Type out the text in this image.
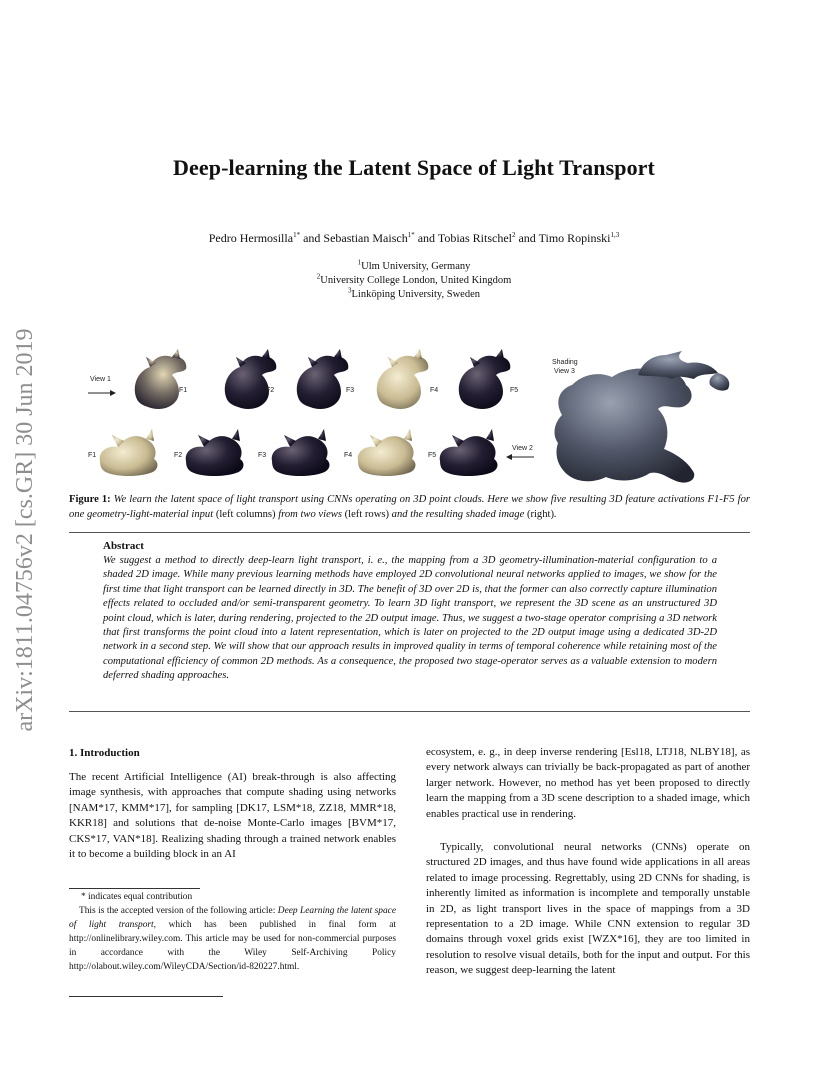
arXiv:1811.04756v2 [cs.GR] 30 Jun 2019
Deep-learning the Latent Space of Light Transport
Pedro Hermosilla$^{1*}$ and Sebastian Maisch$^{1*}$ and Tobias Ritschel$^2$ and Timo Ropinski$^{1,3}$
$^1$Ulm University, Germany
$^2$University College London, United Kingdom
$^3$Linköping University, Sweden
View 1
F1	F2	F3	F4	F5
F1	F2	F3	F4	F5
View 2
Shading
View 3
Figure 1: We learn the latent space of light transport using CNNs operating on 3D point clouds. Here we show five resulting 3D feature activations F1-F5 for one geometry-light-material input (left columns) from two views (left rows) and the resulting shaded image (right).
Abstract
We suggest a method to directly deep-learn light transport, i. e., the mapping from a 3D geometry-illumination-material configuration to a shaded 2D image. While many previous learning methods have employed 2D convolutional neural networks applied to images, we show for the first time that light transport can be learned directly in 3D. The benefit of 3D over 2D is, that the former can also correctly capture illumination effects related to occluded and/or semi-transparent geometry. To learn 3D light transport, we represent the 3D scene as an unstructured 3D point cloud, which is later, during rendering, projected to the 2D output image. Thus, we suggest a two-stage operator comprising a 3D network that first transforms the point cloud into a latent representation, which is later on projected to the 2D output image using a dedicated 3D-2D network in a second step. We will show that our approach results in improved quality in terms of temporal coherence while retaining most of the computational efficiency of common 2D methods. As a consequence, the proposed two stage-operator serves as a valuable extension to modern deferred shading approaches.
1. Introduction
The recent Artificial Intelligence (AI) break-through is also affecting image synthesis, with approaches that compute shading using networks [NAM*17, KMM*17], for sampling [DK17, LSM*18, ZZ18, MMR*18, KKR18] and solutions that de-noise Monte-Carlo images [BVM*17, CKS*17, VAN*18]. Realizing shading through a trained network enables it to become a building block in an AI
* indicates equal contribution
This is the accepted version of the following article: Deep Learning the latent space of light transport, which has been published in final form at http://onlinelibrary.wiley.com. This article may be used for non-commercial purposes in accordance with the Wiley Self-Archiving Policy http://olabout.wiley.com/WileyCDA/Section/id-820227.html.
ecosystem, e. g., in deep inverse rendering [Esl18, LTJ18, NLBY18], as every network always can trivially be back-propagated as part of another larger network. However, no method has yet been proposed to directly learn the mapping from a 3D scene description to a shaded image, which enables practical use in rendering.
Typically, convolutional neural networks (CNNs) operate on structured 2D images, and thus have found wide applications in all areas related to image processing. Regrettably, using 2D CNNs for shading, is inherently limited as information is incomplete and temporally unstable in 2D, as light transport lives in the space of mappings from a 3D representation to a 2D image. While CNN extension to regular 3D domains through voxel grids exist [WZX*16], they are too limited in resolution to resolve visual details, both for the input and output. For this reason, we suggest deep-learning the latent
